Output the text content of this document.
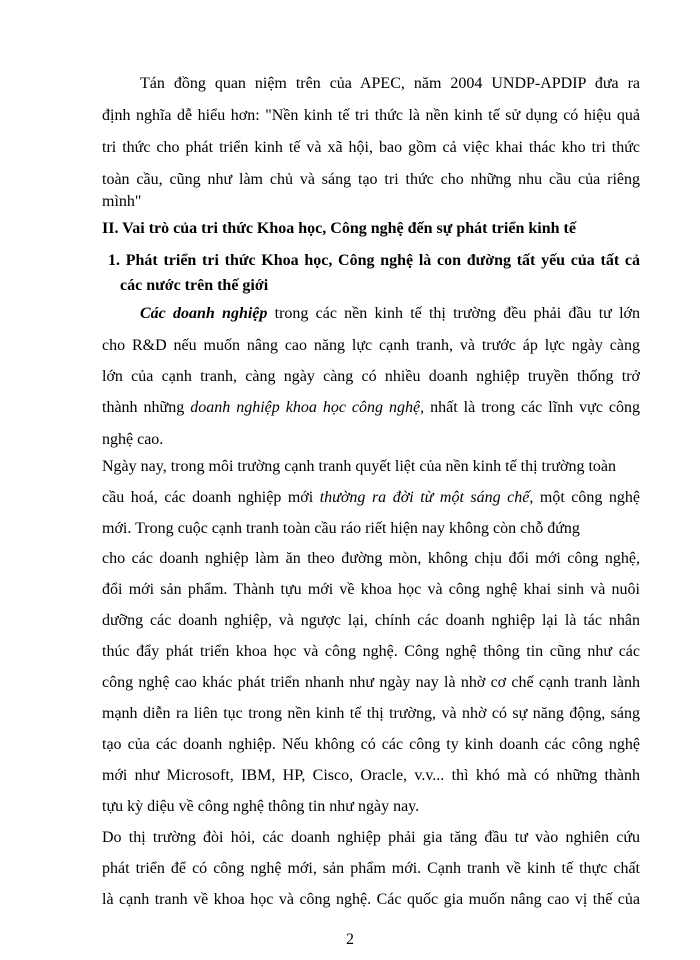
Tán đồng quan niệm trên của APEC, năm 2004 UNDP-APDIP đưa ra
định nghĩa dễ hiểu hơn: "Nền kinh tế tri thức là nền kinh tế sử dụng có hiệu quả
tri thức cho phát triển kinh tế và xã hội, bao gồm cả việc khai thác kho tri thức
toàn cầu, cũng như làm chủ và sáng tạo tri thức cho những nhu cầu của riêng
mình"
II. Vai trò của tri thức Khoa học, Công nghệ đến sự phát triển kinh tế
1. Phát triển tri thức Khoa học, Công nghệ là con đường tất yếu của tất cả
các nước trên thế giới
Các doanh nghiệp trong các nền kinh tế thị trường đều phải đầu tư lớn
cho R&D nếu muốn nâng cao năng lực cạnh tranh, và trước áp lực ngày càng
lớn của cạnh tranh, càng ngày càng có nhiều doanh nghiệp truyền thống trở
thành những doanh nghiệp khoa học công nghệ, nhất là trong các lĩnh vực công
nghệ cao.
Ngày nay, trong môi trường cạnh tranh quyết liệt của nền kinh tế thị trường toàn
cầu hoá, các doanh nghiệp mới thường ra đời từ một sáng chế, một công nghệ
mới. Trong cuộc cạnh tranh toàn cầu ráo riết hiện nay không còn chỗ đứng
cho các doanh nghiệp làm ăn theo đường mòn, không chịu đổi mới công nghệ,
đổi mới sản phẩm. Thành tựu mới về khoa học và công nghệ khai sinh và nuôi
dưỡng các doanh nghiệp, và ngược lại, chính các doanh nghiệp lại là tác nhân
thúc đẩy phát triển khoa học và công nghệ. Công nghệ thông tin cũng như các
công nghệ cao khác phát triển nhanh như ngày nay là nhờ cơ chế cạnh tranh lành
mạnh diễn ra liên tục trong nền kinh tế thị trường, và nhờ có sự năng động, sáng
tạo của các doanh nghiệp. Nếu không có các công ty kinh doanh các công nghệ
mới như Microsoft, IBM, HP, Cisco, Oracle, v.v... thì khó mà có những thành
tựu kỳ diệu về công nghệ thông tin như ngày nay.
Do thị trường đòi hỏi, các doanh nghiệp phải gia tăng đầu tư vào nghiên cứu
phát triển để có công nghệ mới, sản phẩm mới. Cạnh tranh về kinh tế thực chất
là cạnh tranh về khoa học và công nghệ. Các quốc gia muốn nâng cao vị thế của
2
